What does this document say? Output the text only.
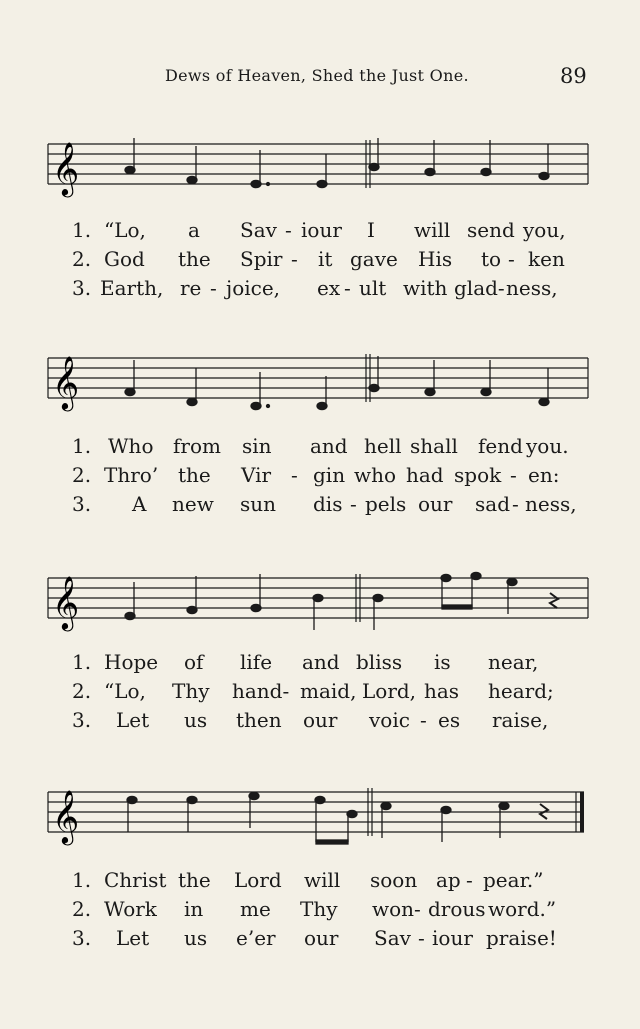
Dews of Heaven, Shed the Just One.	89
𝄞
1. “Lo, a Sav - iour I will send you,
2. God the Spir - it gave His to - ken
3. Earth, re - joice, ex - ult with glad- ness,
𝄞
1. Who from sin and hell shall fend you.
2. Thro’ the Vir - gin who had spok - en:
3. A new sun dis - pels our sad - ness,
𝄞
1. Hope of life and bliss is near,
2. “Lo, Thy hand- maid, Lord, has heard;
3. Let us then our voic - es raise,
𝄞
1. Christ the Lord will soon ap - pear.”
2. Work in me Thy won- drous word.”
3. Let us e’er our Sav - iour praise!
